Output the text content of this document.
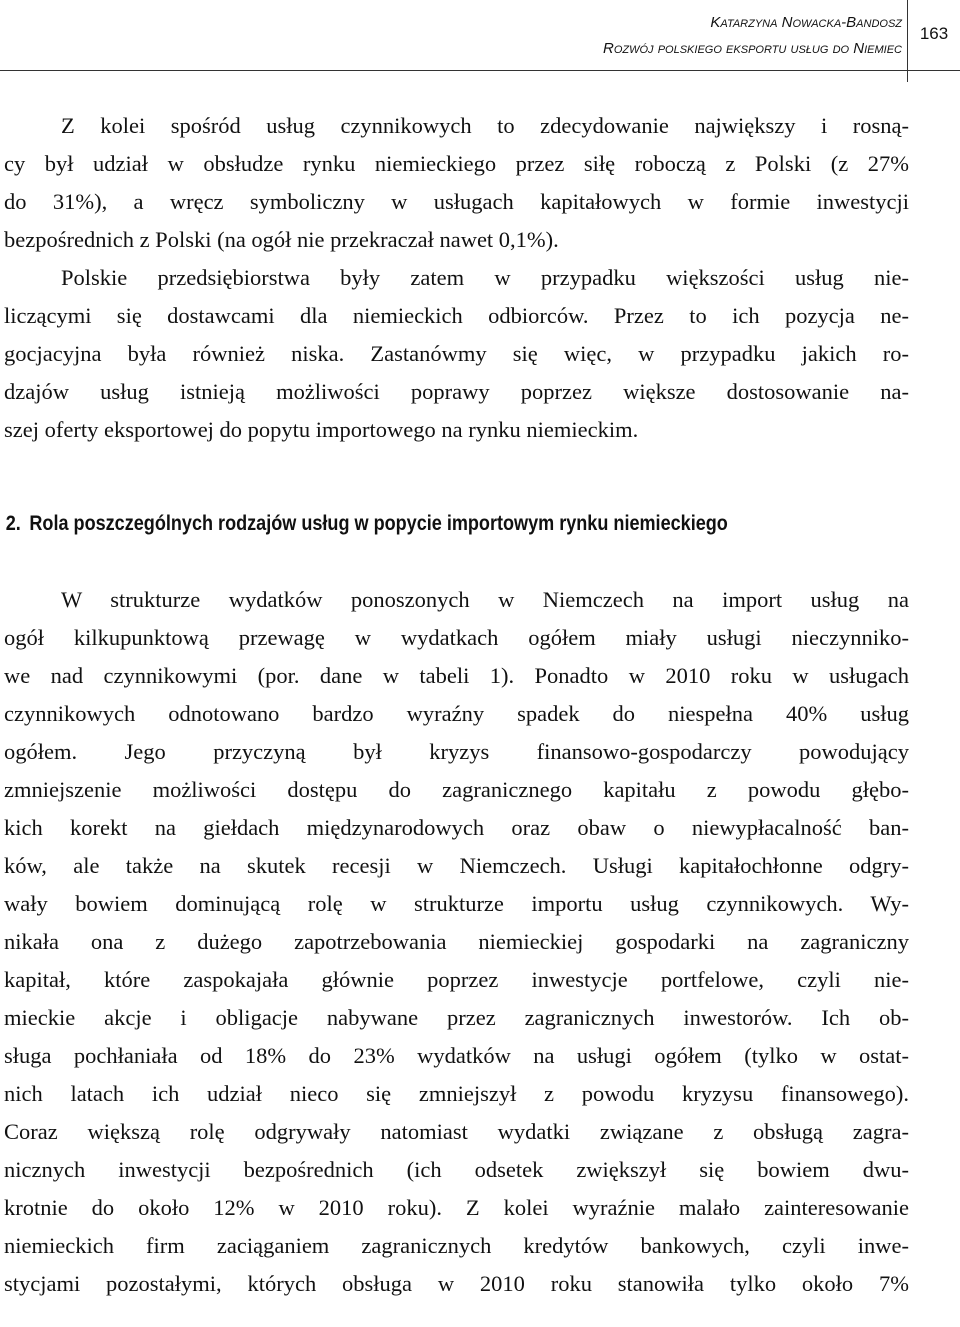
Katarzyna Nowacka-Bandosz
Rozwój polskiego eksportu usług do Niemiec
163
Z kolei spośród usług czynnikowych to zdecydowanie największy i rosną-
cy był udział w obsłudze rynku niemieckiego przez siłę roboczą z Polski (z 27%
do 31%), a wręcz symboliczny w usługach kapitałowych w formie inwestycji
bezpośrednich z Polski (na ogół nie przekraczał nawet 0,1%).
Polskie przedsiębiorstwa były zatem w przypadku większości usług nie-
liczącymi się dostawcami dla niemieckich odbiorców. Przez to ich pozycja ne-
gocjacyjna była również niska. Zastanówmy się więc, w przypadku jakich ro-
dzajów usług istnieją możliwości poprawy poprzez większe dostosowanie na-
szej oferty eksportowej do popytu importowego na rynku niemieckim.
2. Rola poszczególnych rodzajów usług w popycie importowym rynku niemieckiego
W strukturze wydatków ponoszonych w Niemczech na import usług na
ogół kilkupunktową przewagę w wydatkach ogółem miały usługi nieczynniko-
we nad czynnikowymi (por. dane w tabeli 1). Ponadto w 2010 roku w usługach
czynnikowych odnotowano bardzo wyraźny spadek do niespełna 40% usług
ogółem. Jego przyczyną był kryzys finansowo-gospodarczy powodujący
zmniejszenie możliwości dostępu do zagranicznego kapitału z powodu głębo-
kich korekt na giełdach międzynarodowych oraz obaw o niewypłacalność ban-
ków, ale także na skutek recesji w Niemczech. Usługi kapitałochłonne odgry-
wały bowiem dominującą rolę w strukturze importu usług czynnikowych. Wy-
nikała ona z dużego zapotrzebowania niemieckiej gospodarki na zagraniczny
kapitał, które zaspokajała głównie poprzez inwestycje portfelowe, czyli nie-
mieckie akcje i obligacje nabywane przez zagranicznych inwestorów. Ich ob-
sługa pochłaniała od 18% do 23% wydatków na usługi ogółem (tylko w ostat-
nich latach ich udział nieco się zmniejszył z powodu kryzysu finansowego).
Coraz większą rolę odgrywały natomiast wydatki związane z obsługą zagra-
nicznych inwestycji bezpośrednich (ich odsetek zwiększył się bowiem dwu-
krotnie do około 12% w 2010 roku). Z kolei wyraźnie malało zainteresowanie
niemieckich firm zaciąganiem zagranicznych kredytów bankowych, czyli inwe-
stycjami pozostałymi, których obsługa w 2010 roku stanowiła tylko około 7%
